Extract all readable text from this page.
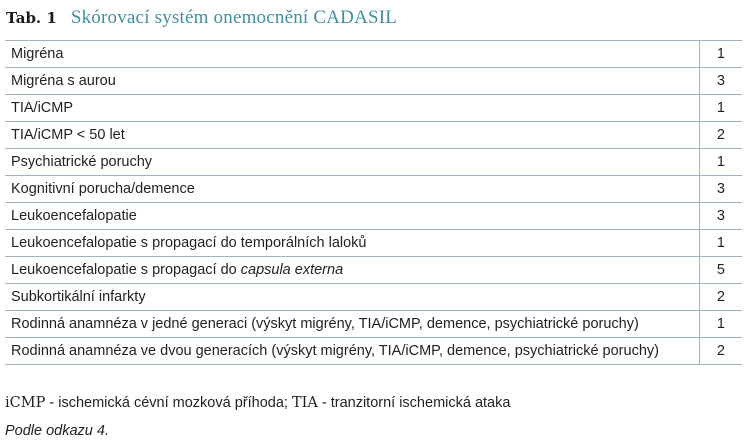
Tab. 1 Skórovací systém onemocnění CADASIL
Migréna	1
Migréna s aurou	3
TIA/iCMP	1
TIA/iCMP < 50 let	2
Psychiatrické poruchy	1
Kognitivní porucha/demence	3
Leukoencefalopatie	3
Leukoencefalopatie s propagací do temporálních laloků	1
Leukoencefalopatie s propagací do capsula externa	5
Subkortikální infarkty	2
Rodinná anamnéza v jedné generaci (výskyt migrény, TIA/iCMP, demence, psychiatrické poruchy)	1
Rodinná anamnéza ve dvou generacích (výskyt migrény, TIA/iCMP, demence, psychiatrické poruchy)	2
iCMP - ischemická cévní mozková příhoda; TIA - tranzitorní ischemická ataka
Podle odkazu 4.
